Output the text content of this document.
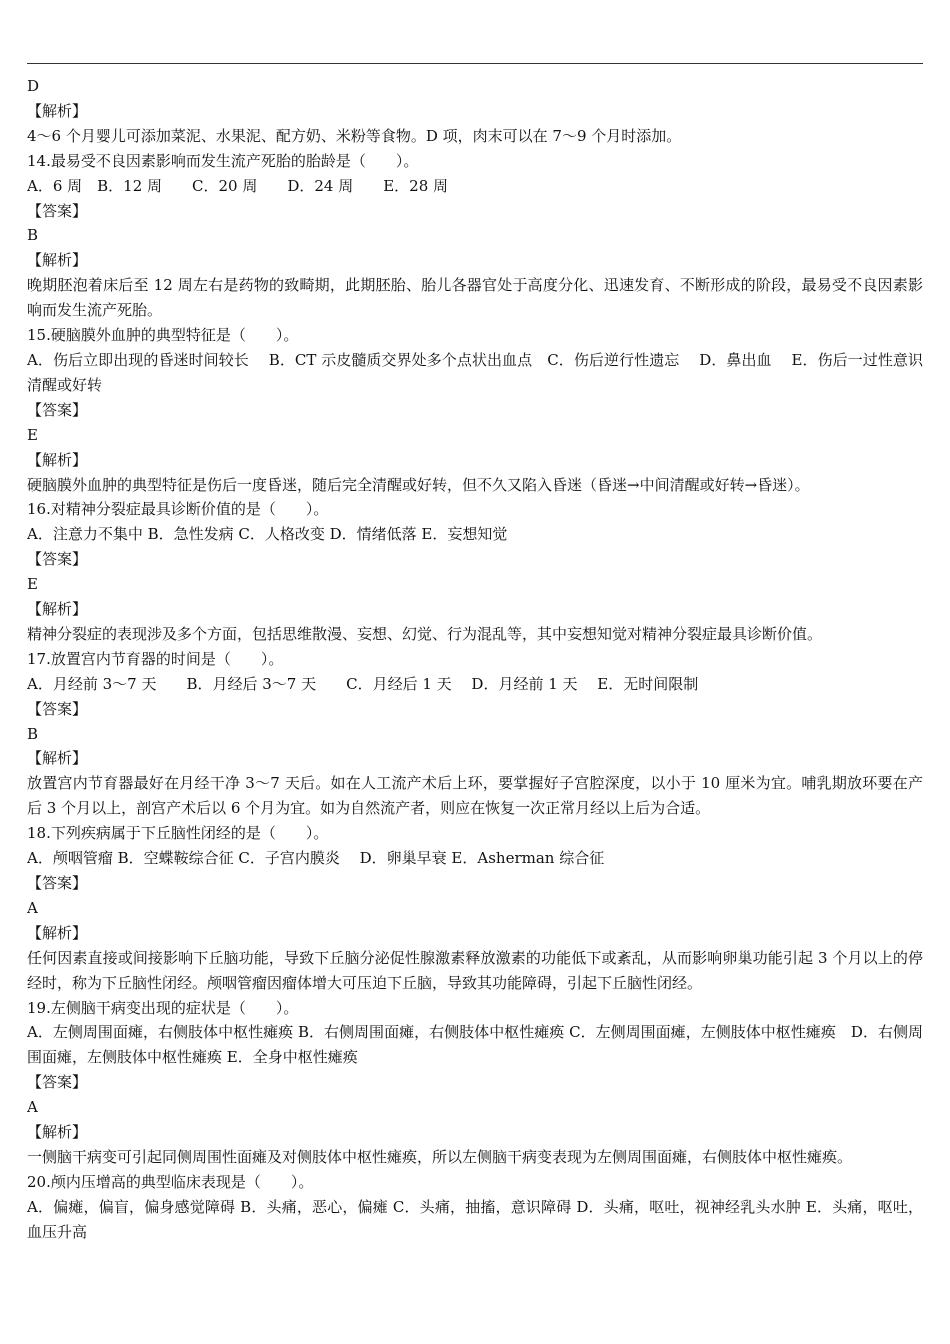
D
【解析】
4～6 个月婴儿可添加菜泥、水果泥、配方奶、米粉等食物。D 项，肉末可以在 7～9 个月时添加。
14.最易受不良因素影响而发生流产死胎的胎龄是（　　）。
A．6 周　B．12 周　　C．20 周　　D．24 周　　E．28 周
【答案】
B
【解析】
晚期胚泡着床后至 12 周左右是药物的致畸期，此期胚胎、胎儿各器官处于高度分化、迅速发育、不断形成的阶段，最易受不良因素影响而发生流产死胎。
15.硬脑膜外血肿的典型特征是（　　）。
A．伤后立即出现的昏迷时间较长　 B．CT 示皮髓质交界处多个点状出血点　C．伤后逆行性遗忘　 D．鼻出血　 E．伤后一过性意识清醒或好转
【答案】
E
【解析】
硬脑膜外血肿的典型特征是伤后一度昏迷，随后完全清醒或好转，但不久又陷入昏迷（昏迷→中间清醒或好转→昏迷）。
16.对精神分裂症最具诊断价值的是（　　）。
A．注意力不集中 B．急性发病 C．人格改变 D．情绪低落 E．妄想知觉
【答案】
E
【解析】
精神分裂症的表现涉及多个方面，包括思维散漫、妄想、幻觉、行为混乱等，其中妄想知觉对精神分裂症最具诊断价值。
17.放置宫内节育器的时间是（　　）。
A．月经前 3～7 天　　B．月经后 3～7 天　　C．月经后 1 天　 D．月经前 1 天　 E．无时间限制
【答案】
B
【解析】
放置宫内节育器最好在月经干净 3～7 天后。如在人工流产术后上环，要掌握好子宫腔深度，以小于 10 厘米为宜。哺乳期放环要在产后 3 个月以上，剖宫产术后以 6 个月为宜。如为自然流产者，则应在恢复一次正常月经以上后为合适。
18.下列疾病属于下丘脑性闭经的是（　　）。
A．颅咽管瘤 B．空蝶鞍综合征 C．子宫内膜炎　 D．卵巢早衰 E．Asherman 综合征
【答案】
A
【解析】
任何因素直接或间接影响下丘脑功能，导致下丘脑分泌促性腺激素释放激素的功能低下或紊乱，从而影响卵巢功能引起 3 个月以上的停经时，称为下丘脑性闭经。颅咽管瘤因瘤体增大可压迫下丘脑，导致其功能障碍，引起下丘脑性闭经。
19.左侧脑干病变出现的症状是（　　）。
A．左侧周围面瘫，右侧肢体中枢性瘫痪 B．右侧周围面瘫，右侧肢体中枢性瘫痪 C．左侧周围面瘫，左侧肢体中枢性瘫痪　D．右侧周围面瘫，左侧肢体中枢性瘫痪 E．全身中枢性瘫痪
【答案】
A
【解析】
一侧脑干病变可引起同侧周围性面瘫及对侧肢体中枢性瘫痪，所以左侧脑干病变表现为左侧周围面瘫，右侧肢体中枢性瘫痪。
20.颅内压增高的典型临床表现是（　　）。
A．偏瘫，偏盲，偏身感觉障碍 B．头痛，恶心，偏瘫 C．头痛，抽搐，意识障碍 D．头痛，呕吐，视神经乳头水肿 E．头痛，呕吐，血压升高
